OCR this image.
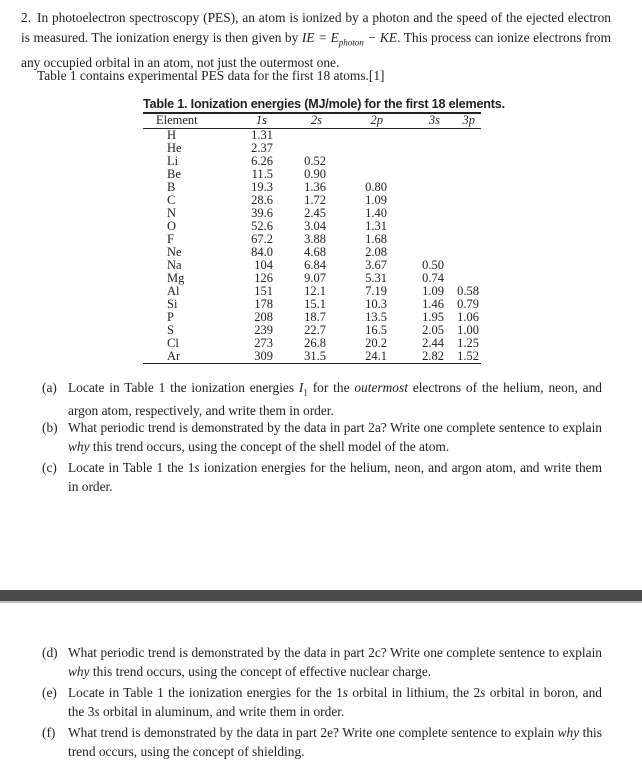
2. In photoelectron spectroscopy (PES), an atom is ionized by a photon and the speed of the ejected electron is measured. The ionization energy is then given by IE = $E_{photon}$ − KE. This process can ionize electrons from any occupied orbital in an atom, not just the outermost one.
Table 1 contains experimental PES data for the first 18 atoms.[1]
Table 1. Ionization energies (MJ/mole) for the first 18 elements.
Element	1s	2s	2p	3s	3p
H	1.31				
He	2.37				
Li	6.26	0.52			
Be	11.5	0.90			
B	19.3	1.36	0.80		
C	28.6	1.72	1.09		
N	39.6	2.45	1.40		
O	52.6	3.04	1.31		
F	67.2	3.88	1.68		
Ne	84.0	4.68	2.08		
Na	104	6.84	3.67	0.50	
Mg	126	9.07	5.31	0.74	
Al	151	12.1	7.19	1.09	0.58
Si	178	15.1	10.3	1.46	0.79
P	208	18.7	13.5	1.95	1.06
S	239	22.7	16.5	2.05	1.00
Cl	273	26.8	20.2	2.44	1.25
Ar	309	31.5	24.1	2.82	1.52
(a) Locate in Table 1 the ionization energies $I_1$ for the outermost electrons of the helium, neon, and argon atom, respectively, and write them in order.
(b) What periodic trend is demonstrated by the data in part 2a? Write one complete sentence to explain why this trend occurs, using the concept of the shell model of the atom.
(c) Locate in Table 1 the 1s ionization energies for the helium, neon, and argon atom, and write them in order.
(d) What periodic trend is demonstrated by the data in part 2c? Write one complete sentence to explain why this trend occurs, using the concept of effective nuclear charge.
(e) Locate in Table 1 the ionization energies for the 1s orbital in lithium, the 2s orbital in boron, and the 3s orbital in aluminum, and write them in order.
(f) What trend is demonstrated by the data in part 2e? Write one complete sentence to explain why this trend occurs, using the concept of shielding.
